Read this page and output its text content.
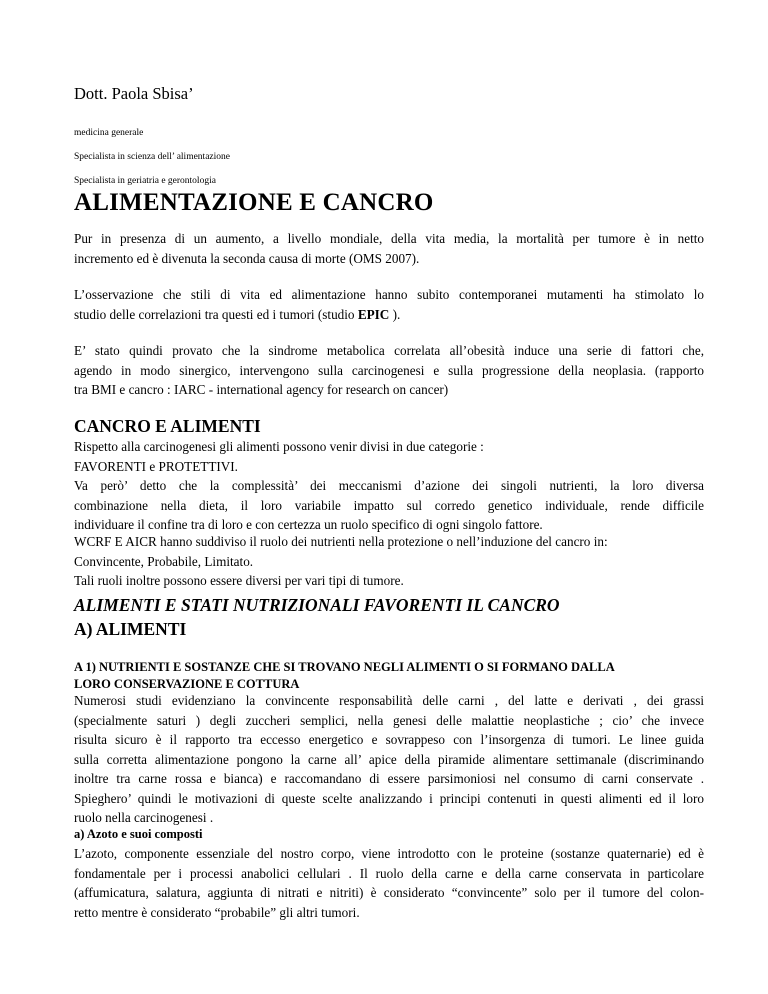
Dott. Paola Sbisa’
medicina generale
Specialista in scienza dell’ alimentazione
Specialista in geriatria e gerontologia
ALIMENTAZIONE E CANCRO

Pur in presenza di un aumento, a livello mondiale, della vita media, la mortalità per tumore è in netto
incremento ed è divenuta la seconda causa di morte (OMS 2007).

L’osservazione che stili di vita ed alimentazione hanno subito contemporanei mutamenti ha stimolato lo
studio delle correlazioni tra questi ed i tumori (studio EPIC ).

E’ stato quindi provato che la sindrome metabolica correlata all’obesità induce una serie di fattori che,
agendo in modo sinergico, intervengono sulla carcinogenesi e sulla progressione della neoplasia. (rapporto
tra BMI e cancro : IARC - international agency for research on cancer)

CANCRO E ALIMENTI

Rispetto alla carcinogenesi gli alimenti possono venir divisi in due categorie :
FAVORENTI e PROTETTIVI.
Va però’ detto che la complessità’ dei meccanismi d’azione dei singoli nutrienti, la loro diversa
combinazione nella dieta, il loro variabile impatto sul corredo genetico individuale, rende difficile
individuare il confine tra di loro e con certezza un ruolo specifico di ogni singolo fattore.

WCRF E AICR hanno suddiviso il ruolo dei nutrienti nella protezione o nell’induzione del cancro in:
Convincente, Probabile, Limitato.
Tali ruoli inoltre possono essere diversi per vari tipi di tumore.

ALIMENTI E STATI NUTRIZIONALI FAVORENTI IL CANCRO
A) ALIMENTI

A 1) NUTRIENTI E SOSTANZE CHE SI TROVANO NEGLI ALIMENTI O SI FORMANO DALLA
LORO CONSERVAZIONE E COTTURA

Numerosi studi evidenziano la convincente responsabilità delle carni , del latte e derivati , dei grassi
(specialmente saturi ) degli zuccheri semplici, nella genesi delle malattie neoplastiche ; cio’ che invece
risulta sicuro è il rapporto tra eccesso energetico e sovrappeso con l’insorgenza di tumori. Le linee guida
sulla corretta alimentazione pongono la carne all’ apice della piramide alimentare settimanale (discriminando
inoltre tra carne rossa e bianca) e raccomandano di essere parsimoniosi nel consumo di carni conservate .
Spieghero’ quindi le motivazioni di queste scelte analizzando i principi contenuti in questi alimenti ed il loro
ruolo nella carcinogenesi .

a) Azoto e suoi composti

L’azoto, componente essenziale del nostro corpo, viene introdotto con le proteine (sostanze quaternarie) ed è
fondamentale per i processi anabolici cellulari . Il ruolo della carne e della carne conservata in particolare
(affumicatura, salatura, aggiunta di nitrati e nitriti) è considerato “convincente” solo per il tumore del colon-
retto mentre è considerato “probabile” gli altri tumori.
